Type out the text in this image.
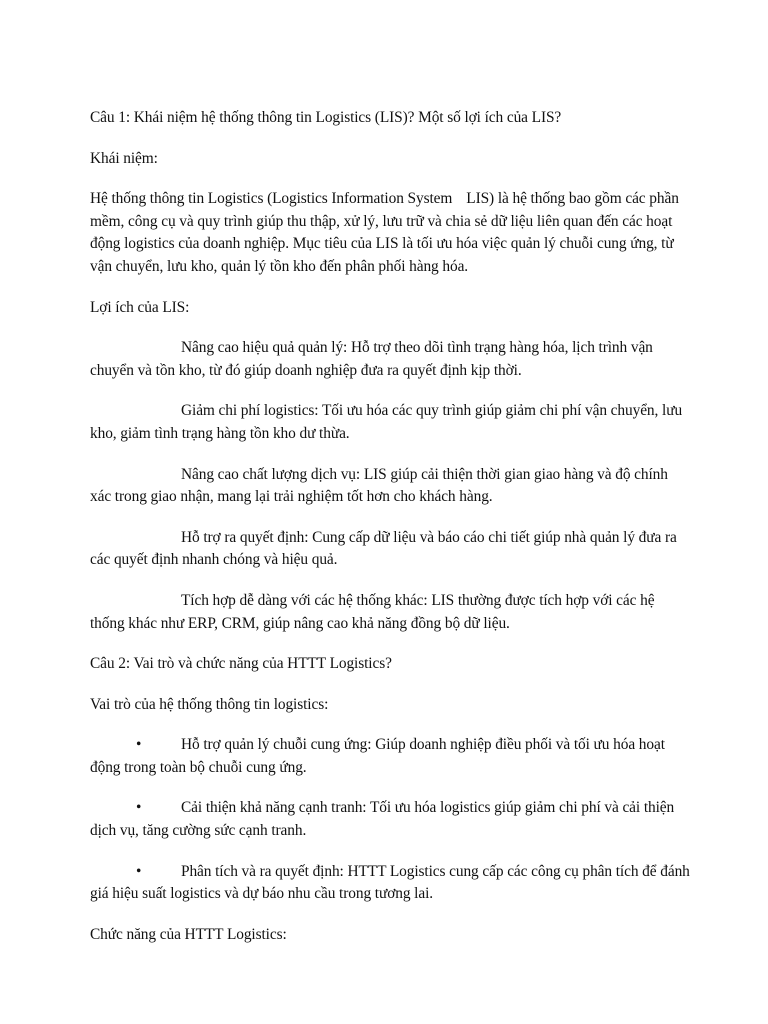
Câu 1: Khái niệm hệ thống thông tin Logistics (LIS)? Một số lợi ích của LIS?

Khái niệm:

Hệ thống thông tin Logistics (Logistics Information System LIS) là hệ thống bao gồm các phần mềm, công cụ và quy trình giúp thu thập, xử lý, lưu trữ và chia sẻ dữ liệu liên quan đến các hoạt động logistics của doanh nghiệp. Mục tiêu của LIS là tối ưu hóa việc quản lý chuỗi cung ứng, từ vận chuyển, lưu kho, quản lý tồn kho đến phân phối hàng hóa.

Lợi ích của LIS:

Nâng cao hiệu quả quản lý: Hỗ trợ theo dõi tình trạng hàng hóa, lịch trình vận chuyển và tồn kho, từ đó giúp doanh nghiệp đưa ra quyết định kịp thời.

Giảm chi phí logistics: Tối ưu hóa các quy trình giúp giảm chi phí vận chuyển, lưu kho, giảm tình trạng hàng tồn kho dư thừa.

Nâng cao chất lượng dịch vụ: LIS giúp cải thiện thời gian giao hàng và độ chính xác trong giao nhận, mang lại trải nghiệm tốt hơn cho khách hàng.

Hỗ trợ ra quyết định: Cung cấp dữ liệu và báo cáo chi tiết giúp nhà quản lý đưa ra các quyết định nhanh chóng và hiệu quả.

Tích hợp dễ dàng với các hệ thống khác: LIS thường được tích hợp với các hệ thống khác như ERP, CRM, giúp nâng cao khả năng đồng bộ dữ liệu.

Câu 2: Vai trò và chức năng của HTTT Logistics?

Vai trò của hệ thống thông tin logistics:

•	Hỗ trợ quản lý chuỗi cung ứng: Giúp doanh nghiệp điều phối và tối ưu hóa hoạt động trong toàn bộ chuỗi cung ứng.

•	Cải thiện khả năng cạnh tranh: Tối ưu hóa logistics giúp giảm chi phí và cải thiện dịch vụ, tăng cường sức cạnh tranh.

•	Phân tích và ra quyết định: HTTT Logistics cung cấp các công cụ phân tích để đánh giá hiệu suất logistics và dự báo nhu cầu trong tương lai.

Chức năng của HTTT Logistics:
